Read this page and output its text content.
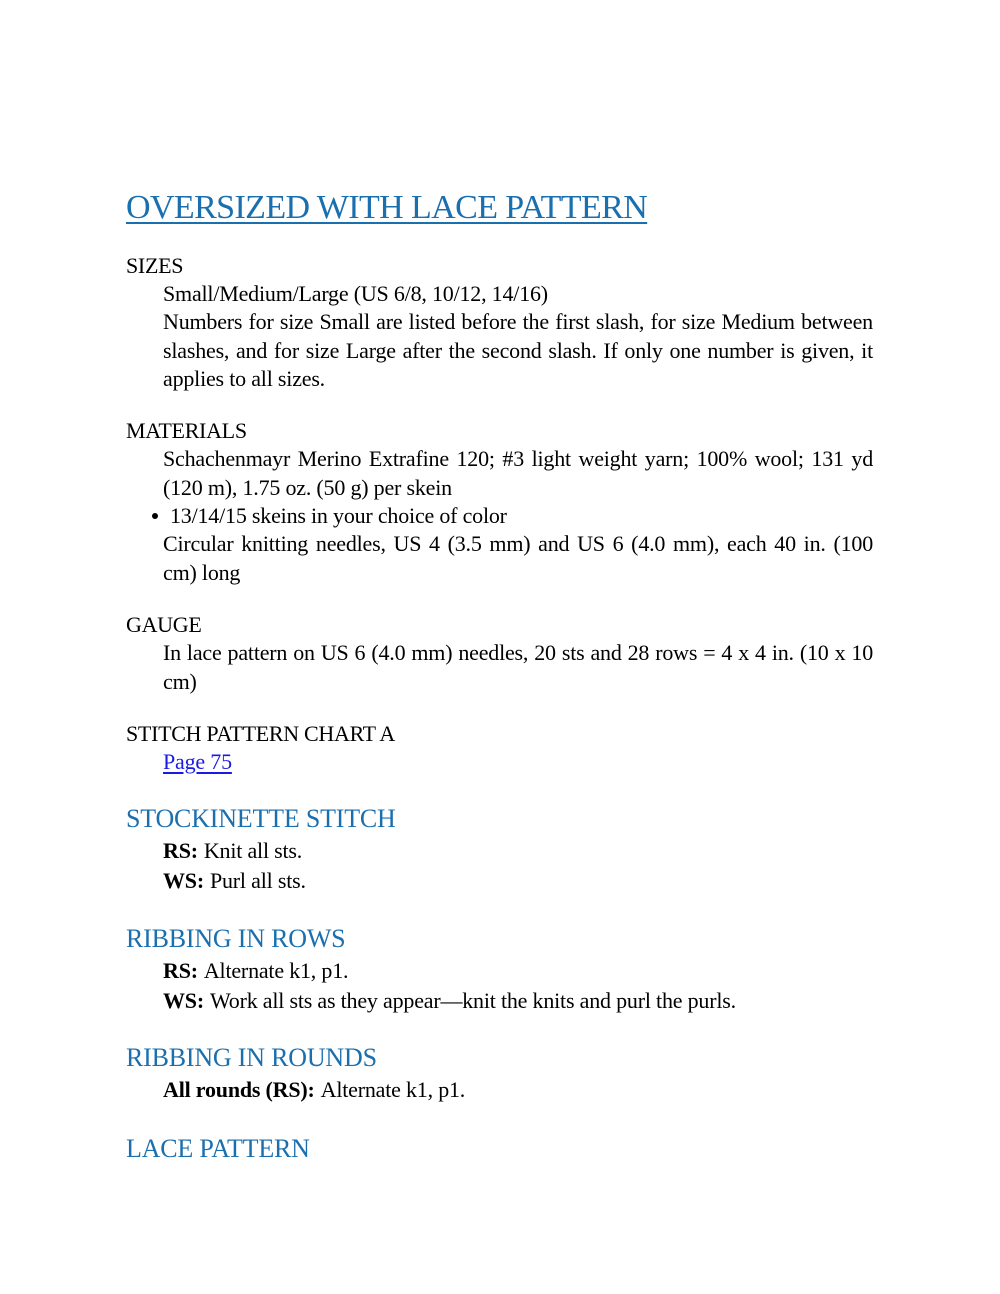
OVERSIZED WITH LACE PATTERN
SIZES
Small/Medium/Large (US 6/8, 10/12, 14/16)
Numbers for size Small are listed before the first slash, for size Medium between slashes, and for size Large after the second slash. If only one number is given, it applies to all sizes.
MATERIALS
Schachenmayr Merino Extrafine 120; #3 light weight yarn; 100% wool; 131 yd (120 m), 1.75 oz. (50 g) per skein
13/14/15 skeins in your choice of color
Circular knitting needles, US 4 (3.5 mm) and US 6 (4.0 mm), each 40 in. (100 cm) long
GAUGE
In lace pattern on US 6 (4.0 mm) needles, 20 sts and 28 rows = 4 x 4 in. (10 x 10 cm)
STITCH PATTERN CHART A
Page 75
STOCKINETTE STITCH
RS: Knit all sts.
WS: Purl all sts.
RIBBING IN ROWS
RS: Alternate k1, p1.
WS: Work all sts as they appear—knit the knits and purl the purls.
RIBBING IN ROUNDS
All rounds (RS): Alternate k1, p1.
LACE PATTERN
